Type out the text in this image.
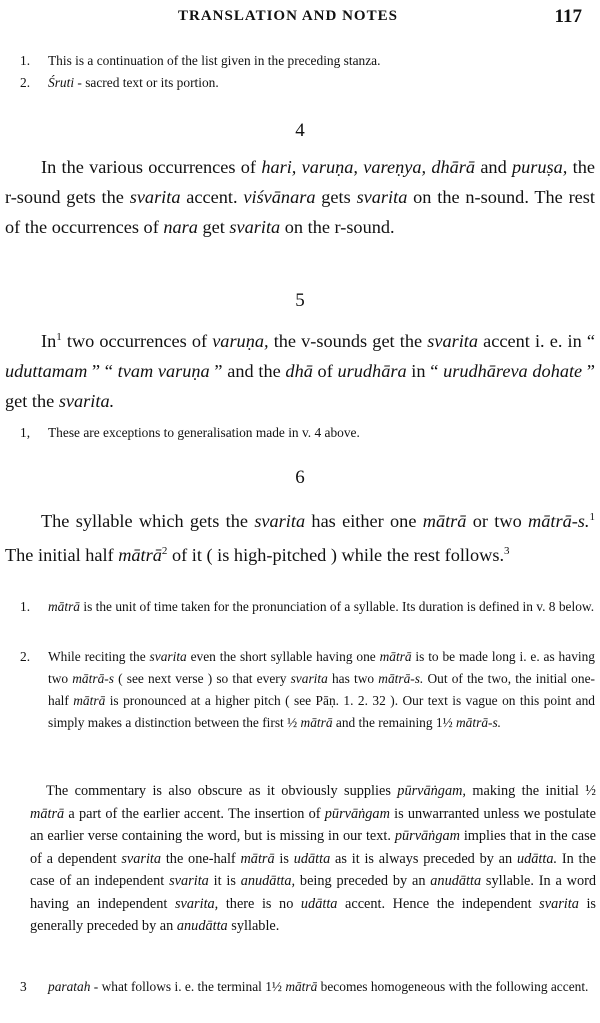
TRANSLATION AND NOTES	117
1. This is a continuation of the list given in the preceding stanza.
2. Śruti - sacred text or its portion.
4

In the various occurrences of hari, varuṇa, vareṇya, dhārā and puruṣa, the r-sound gets the svarita accent. viśvānara gets svarita on the n-sound. The rest of the occurrences of nara get svarita on the r-sound.

5

In$^1$ two occurrences of varuṇa, the v-sounds get the svarita accent i. e. in “ uduttamam ” “ tvam varuṇa ” and the dhā of urudhāra in “ urudhāreva dohate ” get the svarita.

1, These are exceptions to generalisation made in v. 4 above.
6

The syllable which gets the svarita has either one mātrā or two mātrā-s.$^1$ The initial half mātrā$^2$ of it ( is high-pitched ) while the rest follows.$^3$

1. mātrā is the unit of time taken for the pronunciation of a syllable. Its duration is defined in v. 8 below.
2. While reciting the svarita even the short syllable having one mātrā is to be made long i. e. as having two mātrā-s ( see next verse ) so that every svarita has two mātrā-s. Out of the two, the initial one-half mātrā is pronounced at a higher pitch ( see Pāṇ. 1. 2. 32 ). Our text is vague on this point and simply makes a distinction between the first ½ mātrā and the remaining 1½ mātrā-s.

The commentary is also obscure as it obviously supplies pūrvāṅgam, making the initial ½ mātrā a part of the earlier accent. The insertion of pūrvāṅgam is unwarranted unless we postulate an earlier verse containing the word, but is missing in our text. pūrvāṅgam implies that in the case of a dependent svarita the one-half mātrā is udātta as it is always preceded by an udātta. In the case of an independent svarita it is anudātta, being preceded by an anudātta syllable. In a word having an independent svarita, there is no udātta accent. Hence the independent svarita is generally preceded by an anudātta syllable.

3 paratah - what follows i. e. the terminal 1½ mātrā becomes homogeneous with the following accent.
